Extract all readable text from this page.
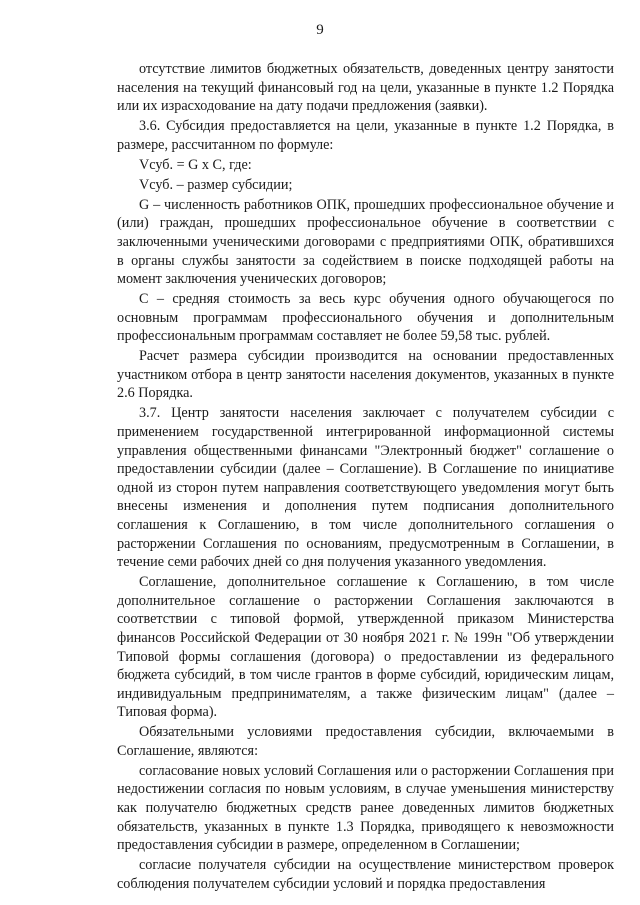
9

отсутствие лимитов бюджетных обязательств, доведенных центру занятости населения на текущий финансовый год на цели, указанные в пункте 1.2 Порядка или их израсходование на дату подачи предложения (заявки).

3.6. Субсидия предоставляется на цели, указанные в пункте 1.2 Порядка, в размере, рассчитанном по формуле:

Vсуб. = G х C, где:

Vсуб. – размер субсидии;

G – численность работников ОПК, прошедших профессиональное обучение и (или) граждан, прошедших профессиональное обучение в соответствии с заключенными ученическими договорами с предприятиями ОПК, обратившихся в органы службы занятости за содействием в поиске подходящей работы на момент заключения ученических договоров;

C – средняя стоимость за весь курс обучения одного обучающегося по основным программам профессионального обучения и дополнительным профессиональным программам составляет не более 59,58 тыс. рублей.

Расчет размера субсидии производится на основании предоставленных участником отбора в центр занятости населения документов, указанных в пункте 2.6 Порядка.

3.7. Центр занятости населения заключает с получателем субсидии с применением государственной интегрированной информационной системы управления общественными финансами "Электронный бюджет" соглашение о предоставлении субсидии (далее – Соглашение). В Соглашение по инициативе одной из сторон путем направления соответствующего уведомления могут быть внесены изменения и дополнения путем подписания дополнительного соглашения к Соглашению, в том числе дополнительного соглашения о расторжении Соглашения по основаниям, предусмотренным в Соглашении, в течение семи рабочих дней со дня получения указанного уведомления.

Соглашение, дополнительное соглашение к Соглашению, в том числе дополнительное соглашение о расторжении Соглашения заключаются в соответствии с типовой формой, утвержденной приказом Министерства финансов Российской Федерации от 30 ноября 2021 г. № 199н "Об утверждении Типовой формы соглашения (договора) о предоставлении из федерального бюджета субсидий, в том числе грантов в форме субсидий, юридическим лицам, индивидуальным предпринимателям, а также физическим лицам" (далее – Типовая форма).

Обязательными условиями предоставления субсидии, включаемыми в Соглашение, являются:

согласование новых условий Соглашения или о расторжении Соглашения при недостижении согласия по новым условиям, в случае уменьшения министерству как получателю бюджетных средств ранее доведенных лимитов бюджетных обязательств, указанных в пункте 1.3 Порядка, приводящего к невозможности предоставления субсидии в размере, определенном в Соглашении;

согласие получателя субсидии на осуществление министерством проверок соблюдения получателем субсидии условий и порядка предоставления
